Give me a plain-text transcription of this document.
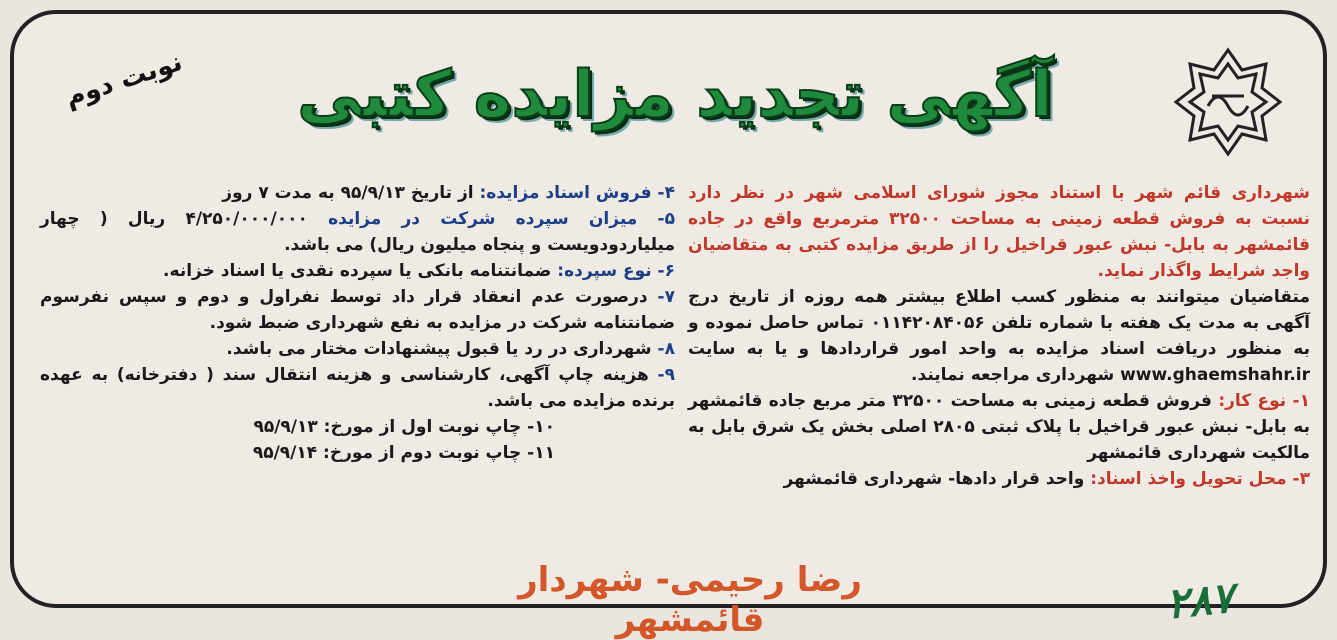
نوبت دوم	آگهی تجدید مزایده کتبی

شهرداری قائم شهر با استناد مجوز شورای اسلامی شهر در نظر دارد نسبت به فروش قطعه زمینی به مساحت ۳۲۵۰۰ مترمربع واقع در جاده قائمشهر به بابل- نبش عبور قراخیل را از طریق مزایده کتبی به متقاضیان واجد شرایط واگذار نماید.

متقاضیان میتوانند به منظور کسب اطلاع بیشتر همه روزه از تاریخ درج آگهی به مدت یک هفته با شماره تلفن ۰۱۱۴۲۰۸۴۰۵۶ تماس حاصل نموده و به منظور دریافت اسناد مزایده به واحد امور قراردادها و یا به سایت www.ghaemshahr.ir شهرداری مراجعه نمایند.

۱- نوع کار: فروش قطعه زمینی به مساحت ۳۲۵۰۰ متر مربع جاده قائمشهر به بابل- نبش عبور قراخیل با پلاک ثبتی ۲۸۰۵ اصلی بخش یک شرق بابل به مالکیت شهرداری قائمشهر

۳- محل تحویل واخذ اسناد: واحد قرار دادها- شهرداری قائمشهر

۴- فروش اسناد مزایده: از تاریخ ۹۵/۹/۱۳ به مدت ۷ روز

۵- میزان سپرده شرکت در مزایده ۴/۲۵۰/۰۰۰/۰۰۰ ریال ( چهار میلیاردودویست و پنجاه میلیون ریال) می باشد.

۶- نوع سپرده: ضمانتنامه بانکی یا سپرده نقدی یا اسناد خزانه.

۷- درصورت عدم انعقاد قرار داد توسط نفراول و دوم و سپس نفرسوم ضمانتنامه شرکت در مزایده به نفع شهرداری ضبط شود.

۸- شهرداری در رد یا قبول پیشنهادات مختار می باشد.

۹- هزینه چاپ آگهی، کارشناسی و هزینه انتقال سند ( دفترخانه) به عهده برنده مزایده می باشد.

۱۰- چاپ نوبت اول از مورخ: ۹۵/۹/۱۳

۱۱- چاپ نوبت دوم از مورخ: ۹۵/۹/۱۴

رضا رحیمی- شهردار قائمشهر	۲۸۷
